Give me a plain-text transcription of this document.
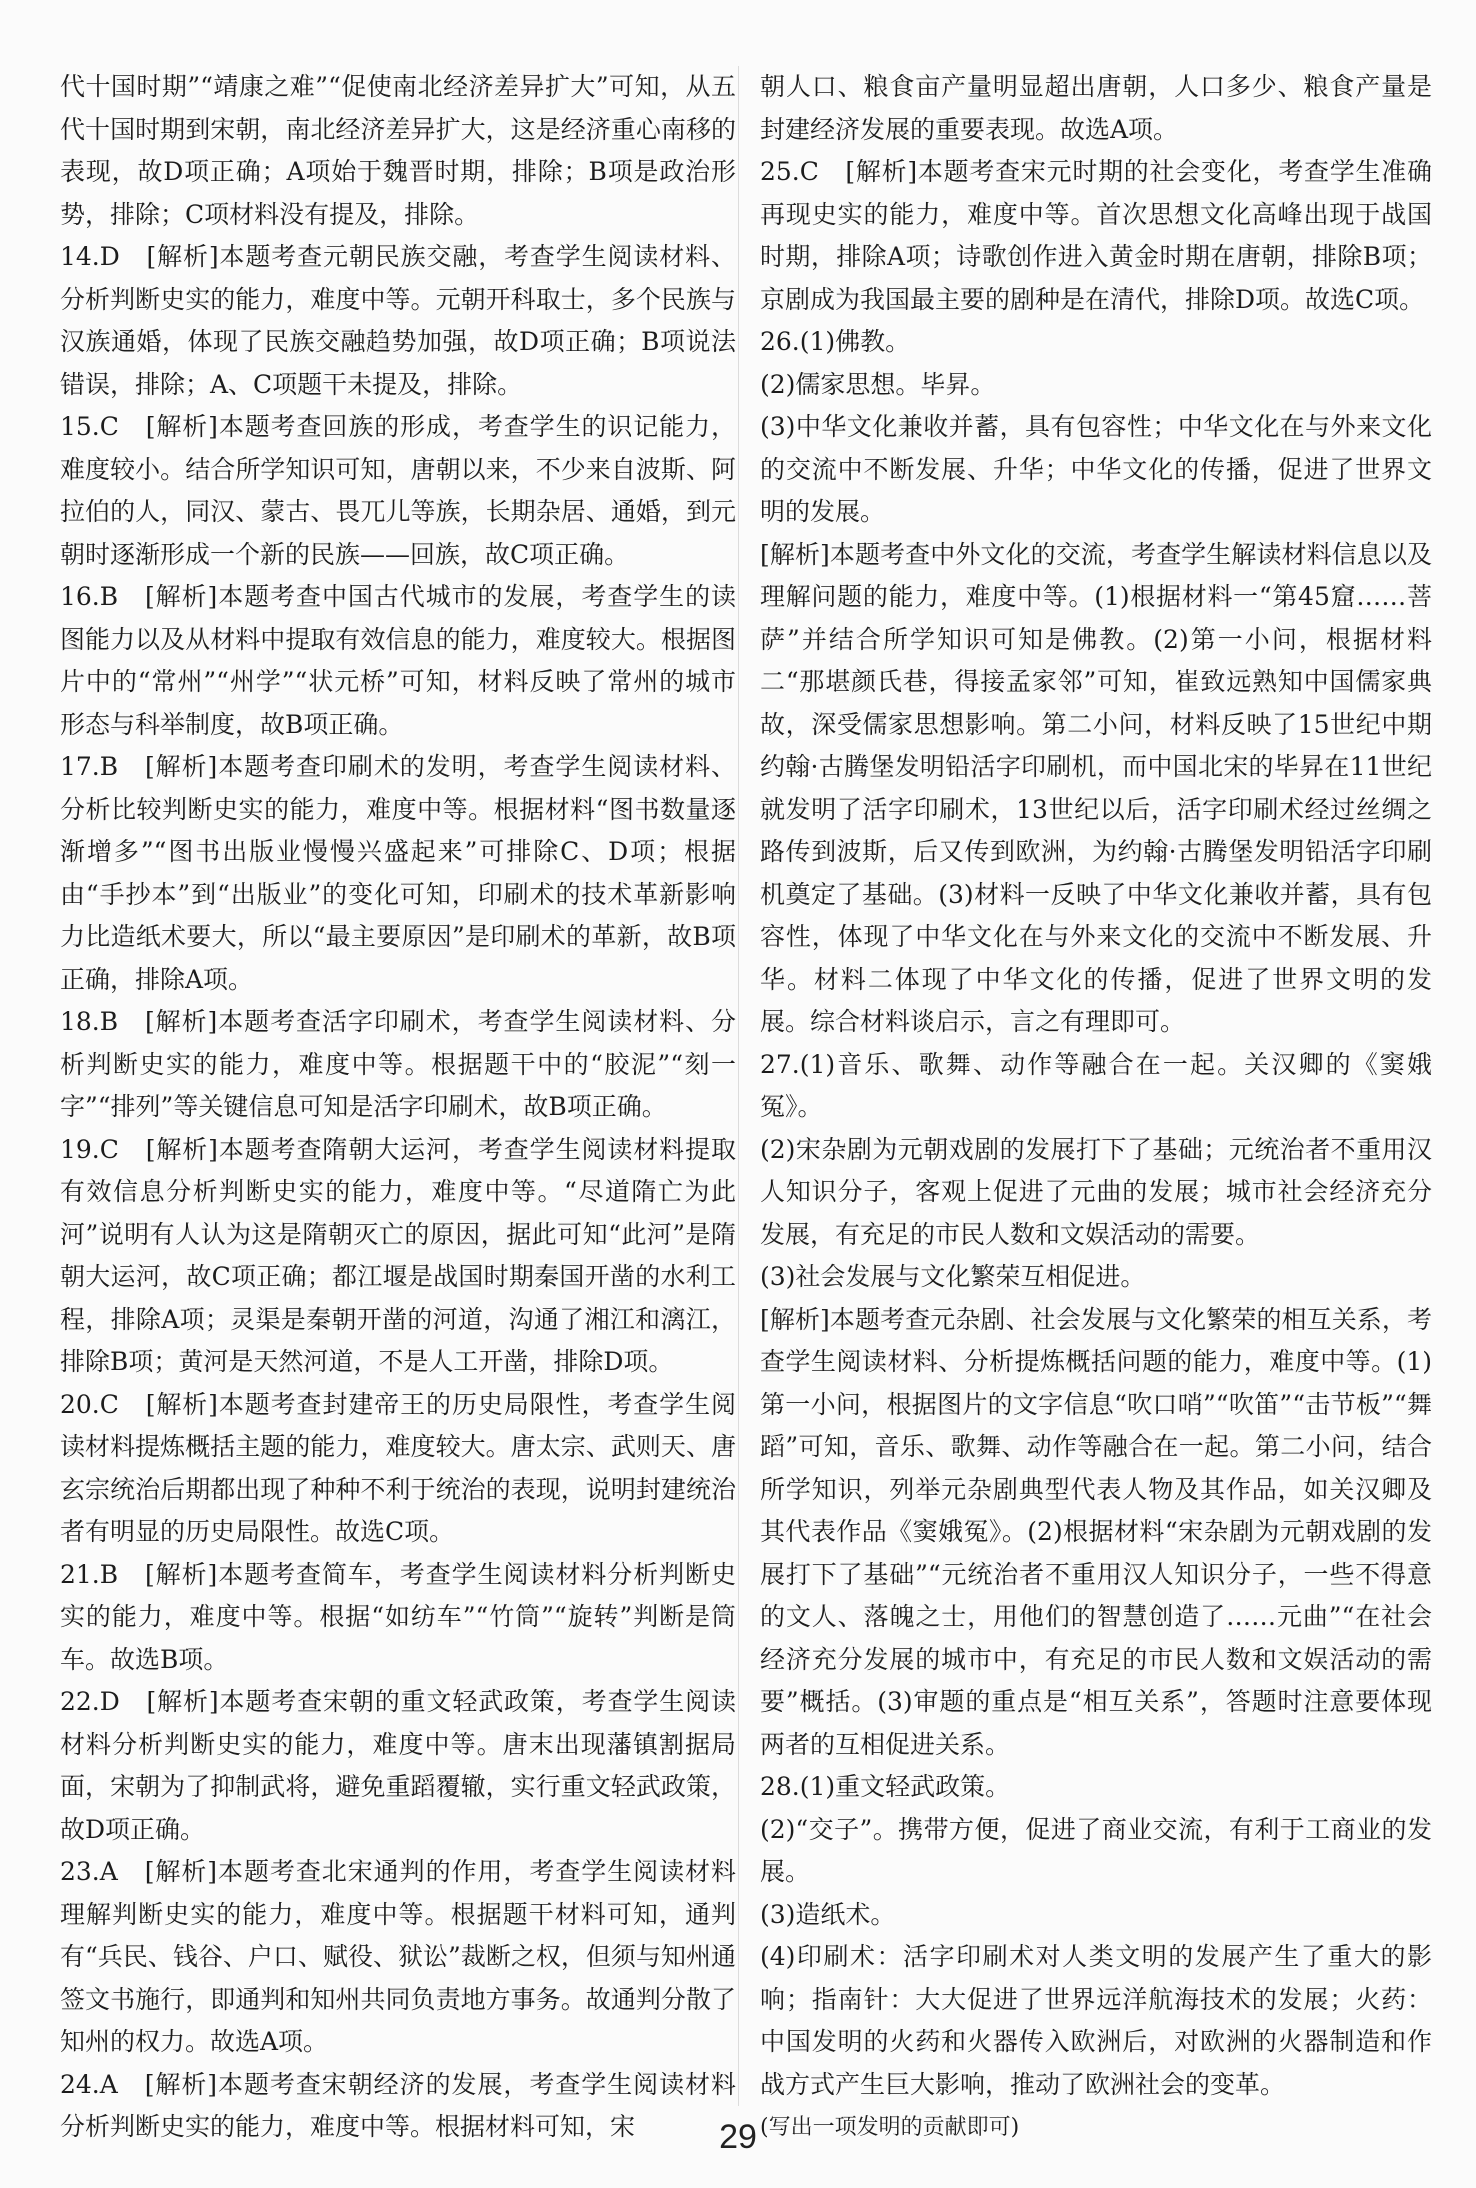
代十国时期”“靖康之难”“促使南北经济差异扩大”可知，从五代十国时期到宋朝，南北经济差异扩大，这是经济重心南移的表现，故D项正确；A项始于魏晋时期，排除；B项是政治形势，排除；C项材料没有提及，排除。

14.D　[解析]本题考查元朝民族交融，考查学生阅读材料、分析判断史实的能力，难度中等。元朝开科取士，多个民族与汉族通婚，体现了民族交融趋势加强，故D项正确；B项说法错误，排除；A、C项题干未提及，排除。

15.C　[解析]本题考查回族的形成，考查学生的识记能力，难度较小。结合所学知识可知，唐朝以来，不少来自波斯、阿拉伯的人，同汉、蒙古、畏兀儿等族，长期杂居、通婚，到元朝时逐渐形成一个新的民族——回族，故C项正确。

16.B　[解析]本题考查中国古代城市的发展，考查学生的读图能力以及从材料中提取有效信息的能力，难度较大。根据图片中的“常州”“州学”“状元桥”可知，材料反映了常州的城市形态与科举制度，故B项正确。

17.B　[解析]本题考查印刷术的发明，考查学生阅读材料、分析比较判断史实的能力，难度中等。根据材料“图书数量逐渐增多”“图书出版业慢慢兴盛起来”可排除C、D项；根据由“手抄本”到“出版业”的变化可知，印刷术的技术革新影响力比造纸术要大，所以“最主要原因”是印刷术的革新，故B项正确，排除A项。

18.B　[解析]本题考查活字印刷术，考查学生阅读材料、分析判断史实的能力，难度中等。根据题干中的“胶泥”“刻一字”“排列”等关键信息可知是活字印刷术，故B项正确。

19.C　[解析]本题考查隋朝大运河，考查学生阅读材料提取有效信息分析判断史实的能力，难度中等。“尽道隋亡为此河”说明有人认为这是隋朝灭亡的原因，据此可知“此河”是隋朝大运河，故C项正确；都江堰是战国时期秦国开凿的水利工程，排除A项；灵渠是秦朝开凿的河道，沟通了湘江和漓江，排除B项；黄河是天然河道，不是人工开凿，排除D项。

20.C　[解析]本题考查封建帝王的历史局限性，考查学生阅读材料提炼概括主题的能力，难度较大。唐太宗、武则天、唐玄宗统治后期都出现了种种不利于统治的表现，说明封建统治者有明显的历史局限性。故选C项。

21.B　[解析]本题考查简车，考查学生阅读材料分析判断史实的能力，难度中等。根据“如纺车”“竹筒”“旋转”判断是筒车。故选B项。

22.D　[解析]本题考查宋朝的重文轻武政策，考查学生阅读材料分析判断史实的能力，难度中等。唐末出现藩镇割据局面，宋朝为了抑制武将，避免重蹈覆辙，实行重文轻武政策，故D项正确。

23.A　[解析]本题考查北宋通判的作用，考查学生阅读材料理解判断史实的能力，难度中等。根据题干材料可知，通判有“兵民、钱谷、户口、赋役、狱讼”裁断之权，但须与知州通签文书施行，即通判和知州共同负责地方事务。故通判分散了知州的权力。故选A项。

24.A　[解析]本题考查宋朝经济的发展，考查学生阅读材料分析判断史实的能力，难度中等。根据材料可知，宋

朝人口、粮食亩产量明显超出唐朝，人口多少、粮食产量是封建经济发展的重要表现。故选A项。

25.C　[解析]本题考查宋元时期的社会变化，考查学生准确再现史实的能力，难度中等。首次思想文化高峰出现于战国时期，排除A项；诗歌创作进入黄金时期在唐朝，排除B项；京剧成为我国最主要的剧种是在清代，排除D项。故选C项。

26.(1)佛教。

(2)儒家思想。毕昇。

(3)中华文化兼收并蓄，具有包容性；中华文化在与外来文化的交流中不断发展、升华；中华文化的传播，促进了世界文明的发展。

[解析]本题考查中外文化的交流，考查学生解读材料信息以及理解问题的能力，难度中等。(1)根据材料一“第45窟……菩萨”并结合所学知识可知是佛教。(2)第一小问，根据材料二“那堪颜氏巷，得接孟家邻”可知，崔致远熟知中国儒家典故，深受儒家思想影响。第二小问，材料反映了15世纪中期约翰·古腾堡发明铅活字印刷机，而中国北宋的毕昇在11世纪就发明了活字印刷术，13世纪以后，活字印刷术经过丝绸之路传到波斯，后又传到欧洲，为约翰·古腾堡发明铅活字印刷机奠定了基础。(3)材料一反映了中华文化兼收并蓄，具有包容性，体现了中华文化在与外来文化的交流中不断发展、升华。材料二体现了中华文化的传播，促进了世界文明的发展。综合材料谈启示，言之有理即可。

27.(1)音乐、歌舞、动作等融合在一起。关汉卿的《窦娥冤》。

(2)宋杂剧为元朝戏剧的发展打下了基础；元统治者不重用汉人知识分子，客观上促进了元曲的发展；城市社会经济充分发展，有充足的市民人数和文娱活动的需要。

(3)社会发展与文化繁荣互相促进。

[解析]本题考查元杂剧、社会发展与文化繁荣的相互关系，考查学生阅读材料、分析提炼概括问题的能力，难度中等。(1)第一小问，根据图片的文字信息“吹口哨”“吹笛”“击节板”“舞蹈”可知，音乐、歌舞、动作等融合在一起。第二小问，结合所学知识，列举元杂剧典型代表人物及其作品，如关汉卿及其代表作品《窦娥冤》。(2)根据材料“宋杂剧为元朝戏剧的发展打下了基础”“元统治者不重用汉人知识分子，一些不得意的文人、落魄之士，用他们的智慧创造了……元曲”“在社会经济充分发展的城市中，有充足的市民人数和文娱活动的需要”概括。(3)审题的重点是“相互关系”，答题时注意要体现两者的互相促进关系。

28.(1)重文轻武政策。

(2)“交子”。携带方便，促进了商业交流，有利于工商业的发展。

(3)造纸术。

(4)印刷术：活字印刷术对人类文明的发展产生了重大的影响；指南针：大大促进了世界远洋航海技术的发展；火药：中国发明的火药和火器传入欧洲后，对欧洲的火器制造和作战方式产生巨大影响，推动了欧洲社会的变革。

(写出一项发明的贡献即可)

29
